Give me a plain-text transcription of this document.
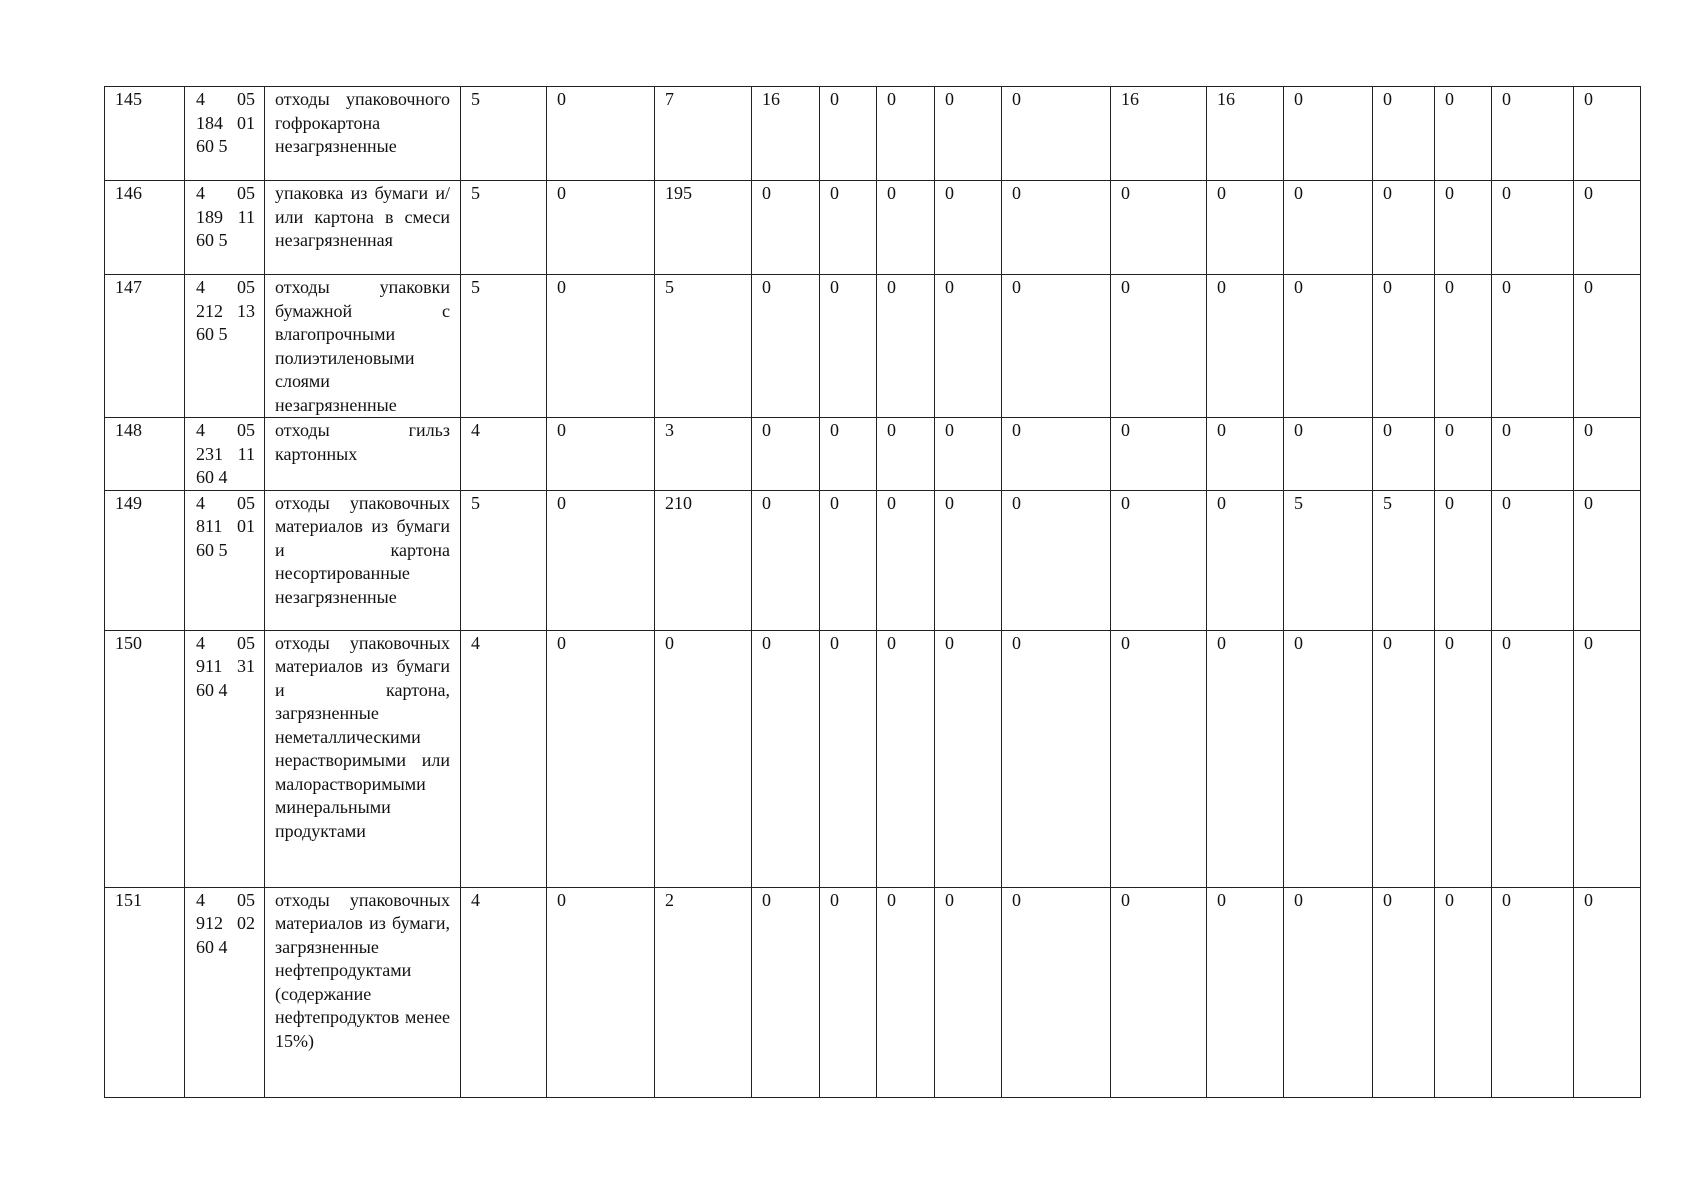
145	4 05
184 01
60 5	отходы упаковочного гофрокартона незагрязненные	5	0	7	16	0	0	0	0	16	16	0	0	0	0	0
146	4 05
189 11
60 5	упаковка из бумаги и/или картона в смеси незагрязненная	5	0	195	0	0	0	0	0	0	0	0	0	0	0	0
147	4 05
212 13
60 5	отходы упаковки бумажной с влагопрочными полиэтиленовыми слоями незагрязненные	5	0	5	0	0	0	0	0	0	0	0	0	0	0	0
148	4 05
231 11
60 4	отходы гильз картонных	4	0	3	0	0	0	0	0	0	0	0	0	0	0	0
149	4 05
811 01
60 5	отходы упаковочных материалов из бумаги и картона несортированные незагрязненные	5	0	210	0	0	0	0	0	0	0	5	5	0	0	0
150	4 05
911 31
60 4	отходы упаковочных материалов из бумаги и картона, загрязненные неметаллическими нерастворимыми или малорастворимыми минеральными продуктами	4	0	0	0	0	0	0	0	0	0	0	0	0	0	0
151	4 05
912 02
60 4	отходы упаковочных материалов из бумаги, загрязненные нефтепродуктами (содержание нефтепродуктов менее 15%)	4	0	2	0	0	0	0	0	0	0	0	0	0	0	0
